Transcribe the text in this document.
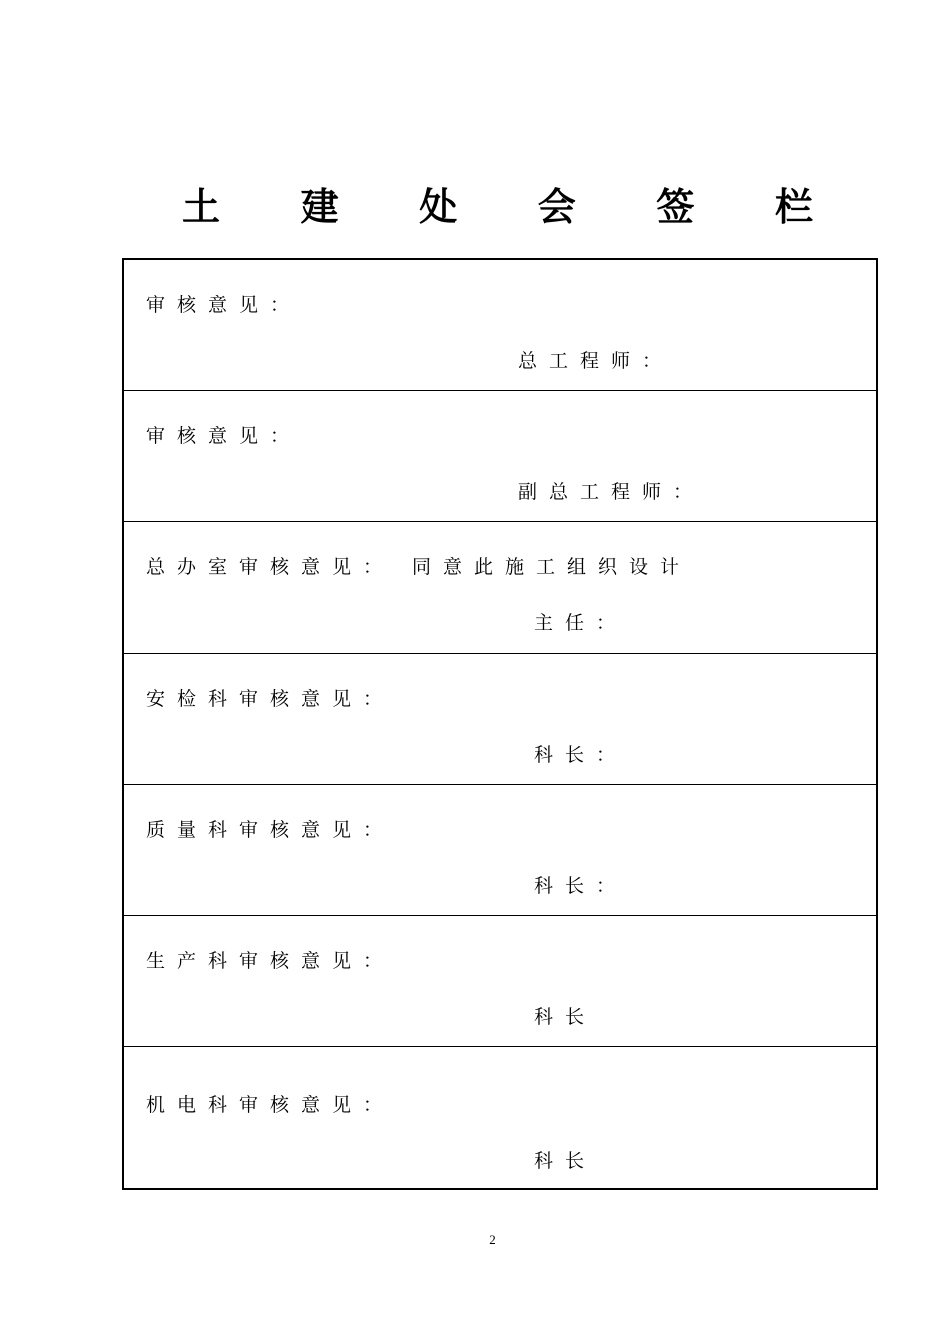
土 建 处 会 签 栏
审核意见：
总工程师：
审核意见：
副总工程师：
总办室审核意见： 同意此施工组织设计
主任：
安检科审核意见：
科长：
质量科审核意见：
科长：
生产科审核意见：
科长
机电科审核意见：
科长
2
